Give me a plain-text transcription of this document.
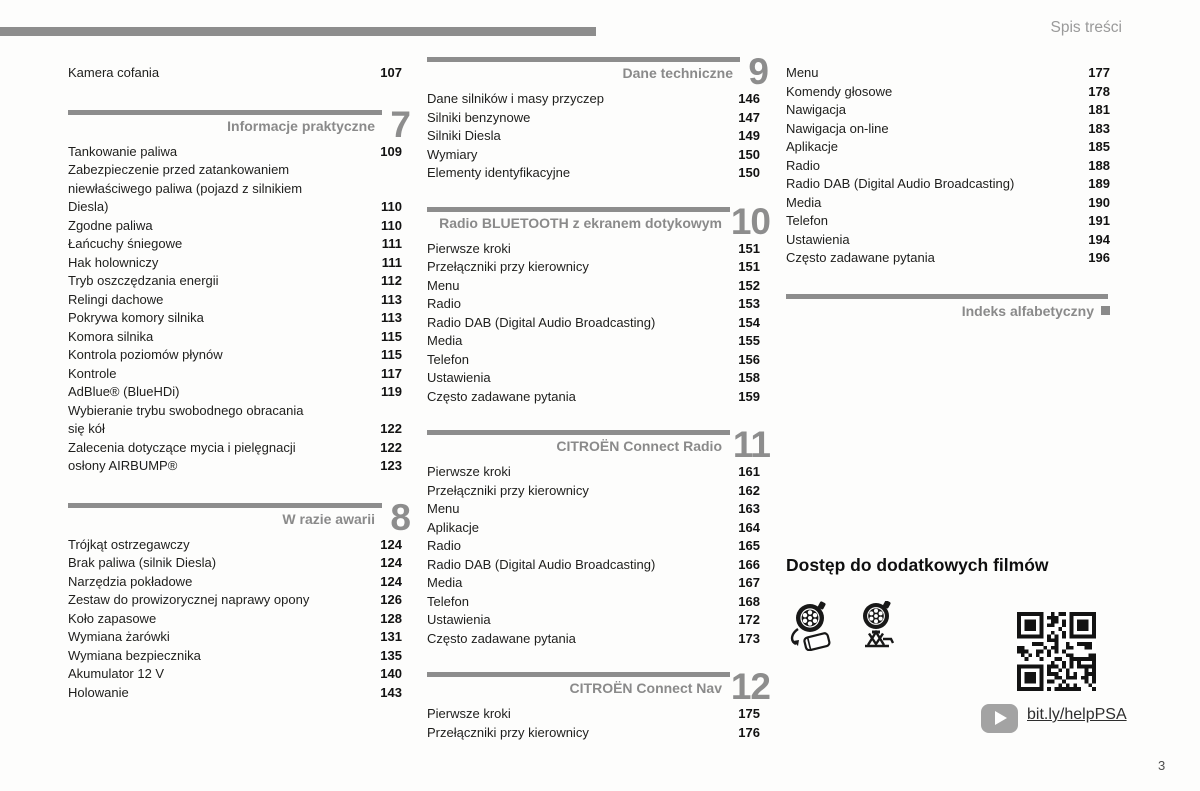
Spis treści
Kamera cofania	107
Informacje praktyczne 7
Tankowanie paliwa	109
Zabezpieczenie przed zatankowaniem
niewłaściwego paliwa (pojazd z silnikiem
Diesla)	110
Zgodne paliwa	110
Łańcuchy śniegowe	111
Hak holowniczy	111
Tryb oszczędzania energii	112
Relingi dachowe	113
Pokrywa komory silnika	113
Komora silnika	115
Kontrola poziomów płynów	115
Kontrole	117
AdBlue® (BlueHDi)	119
Wybieranie trybu swobodnego obracania
się kół	122
Zalecenia dotyczące mycia i pielęgnacji	122
osłony AIRBUMP®	123
W razie awarii 8
Trójkąt ostrzegawczy	124
Brak paliwa (silnik Diesla)	124
Narzędzia pokładowe	124
Zestaw do prowizorycznej naprawy opony	126
Koło zapasowe	128
Wymiana żarówki	131
Wymiana bezpiecznika	135
Akumulator 12 V	140
Holowanie	143
Dane techniczne 9
Dane silników i masy przyczep	146
Silniki benzynowe	147
Silniki Diesla	149
Wymiary	150
Elementy identyfikacyjne	150
Radio BLUETOOTH z ekranem dotykowym 10
Pierwsze kroki	151
Przełączniki przy kierownicy	151
Menu	152
Radio	153
Radio DAB (Digital Audio Broadcasting)	154
Media	155
Telefon	156
Ustawienia	158
Często zadawane pytania	159
CITROËN Connect Radio 11
Pierwsze kroki	161
Przełączniki przy kierownicy	162
Menu	163
Aplikacje	164
Radio	165
Radio DAB (Digital Audio Broadcasting)	166
Media	167
Telefon	168
Ustawienia	172
Często zadawane pytania	173
CITROËN Connect Nav 12
Pierwsze kroki	175
Przełączniki przy kierownicy	176
Menu	177
Komendy głosowe	178
Nawigacja	181
Nawigacja on-line	183
Aplikacje	185
Radio	188
Radio DAB (Digital Audio Broadcasting)	189
Media	190
Telefon	191
Ustawienia	194
Często zadawane pytania	196
Indeks alfabetyczny
Dostęp do dodatkowych filmów
bit.ly/helpPSA
3
